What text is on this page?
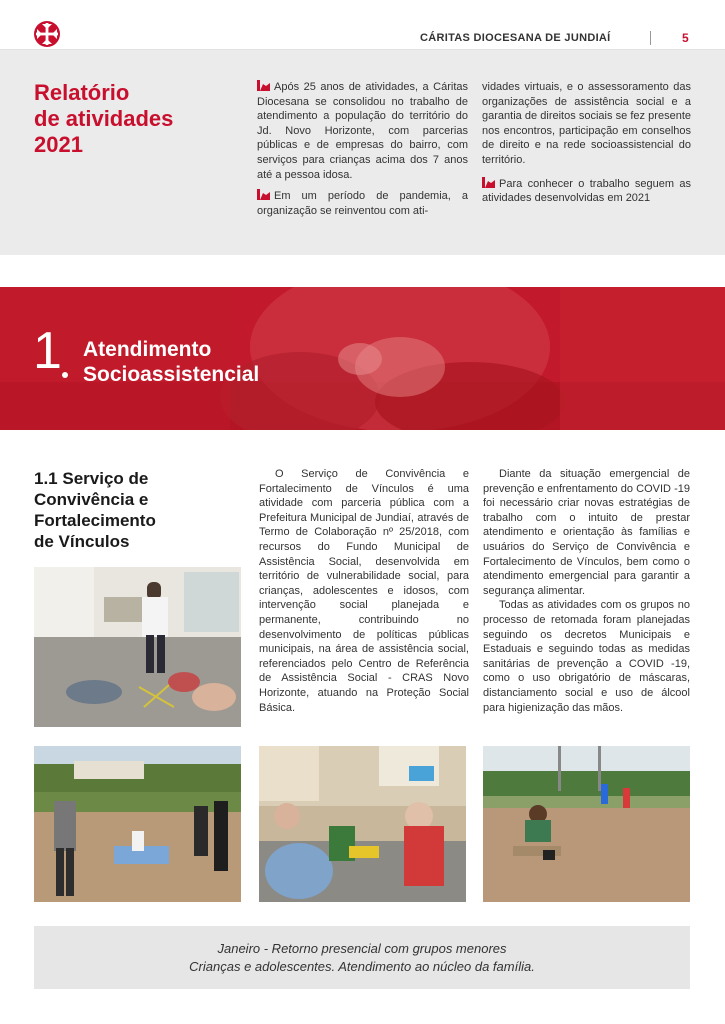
CÁRITAS DIOCESANA DE JUNDIAÍ	5
Relatório
de atividades
2021

Após 25 anos de atividades, a Cáritas Diocesana se consolidou no trabalho de atendimento a população do território do Jd. Novo Horizonte, com parcerias públicas e de empresas do bairro, com serviços para crianças acima dos 7 anos até a pessoa idosa.

Em um período de pandemia, a organização se reinventou com ati-

vidades virtuais, e o assessoramento das organizações de assistência social e a garantia de direitos sociais se fez presente nos encontros, participação em conselhos de direito e na rede socioassistencial do território.

Para conhecer o trabalho seguem as atividades desenvolvidas em 2021

1 Atendimento
Socioassistencial
1.1 Serviço de
Convivência e
Fortalecimento
de Vínculos

O Serviço de Convivência e Fortalecimento de Vínculos é uma atividade com parceria pública com a Prefeitura Municipal de Jundiaí, através de Termo de Colaboração nº 25/2018, com recursos do Fundo Municipal de Assistência Social, desenvolvida em território de vulnerabilidade social, para crianças, adolescentes e idosos, com intervenção social planejada e permanente, contribuindo no desenvolvimento de políticas públicas municipais, na área de assistência social, referenciados pelo Centro de Referência de Assistência Social - CRAS Novo Horizonte, atuando na Proteção Social Básica.

Diante da situação emergencial de prevenção e enfrentamento do COVID -19 foi necessário criar novas estratégias de trabalho com o intuito de prestar atendimento e orientação às famílias e usuários do Serviço de Convivência e Fortalecimento de Vínculos, bem como o atendimento emergencial para garantir a segurança alimentar.

Todas as atividades com os grupos no processo de retomada foram planejadas seguindo os decretos Municipais e Estaduais e seguindo todas as medidas sanitárias de prevenção a COVID -19, como o uso obrigatório de máscaras, distanciamento social e uso de álcool para higienização das mãos.

Janeiro - Retorno presencial com grupos menores
Crianças e adolescentes. Atendimento ao núcleo da família.
